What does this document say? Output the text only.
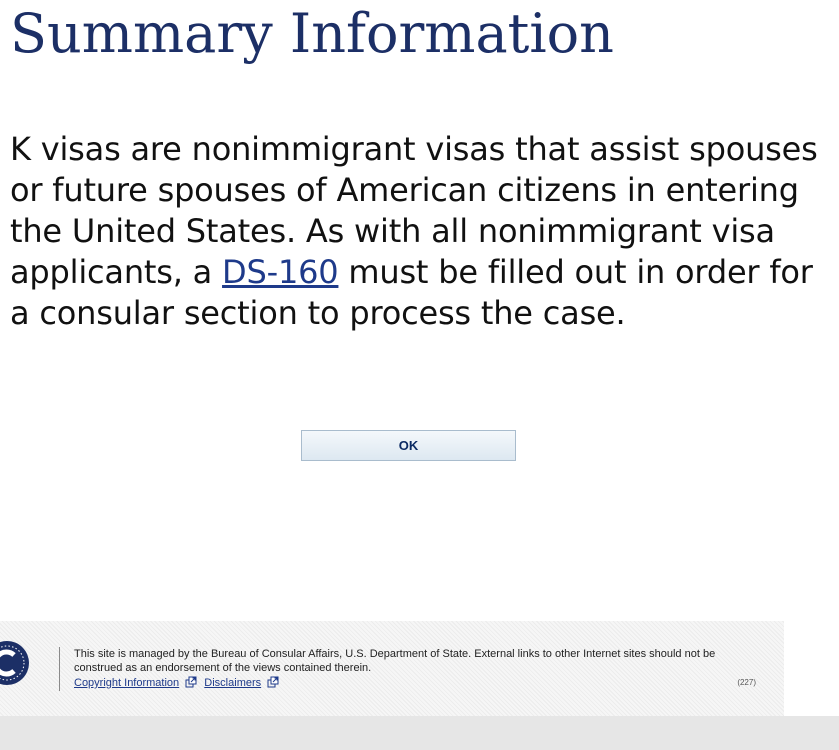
Summary Information

K visas are nonimmigrant visas that assist spouses or future spouses of American citizens in entering the United States. As with all nonimmigrant visa applicants, a DS-160 must be filled out in order for a consular section to process the case.

OK
This site is managed by the Bureau of Consular Affairs, U.S. Department of State. External links to other Internet sites should not be construed as an endorsement of the views contained therein.
Copyright Information Disclaimers	(227)
